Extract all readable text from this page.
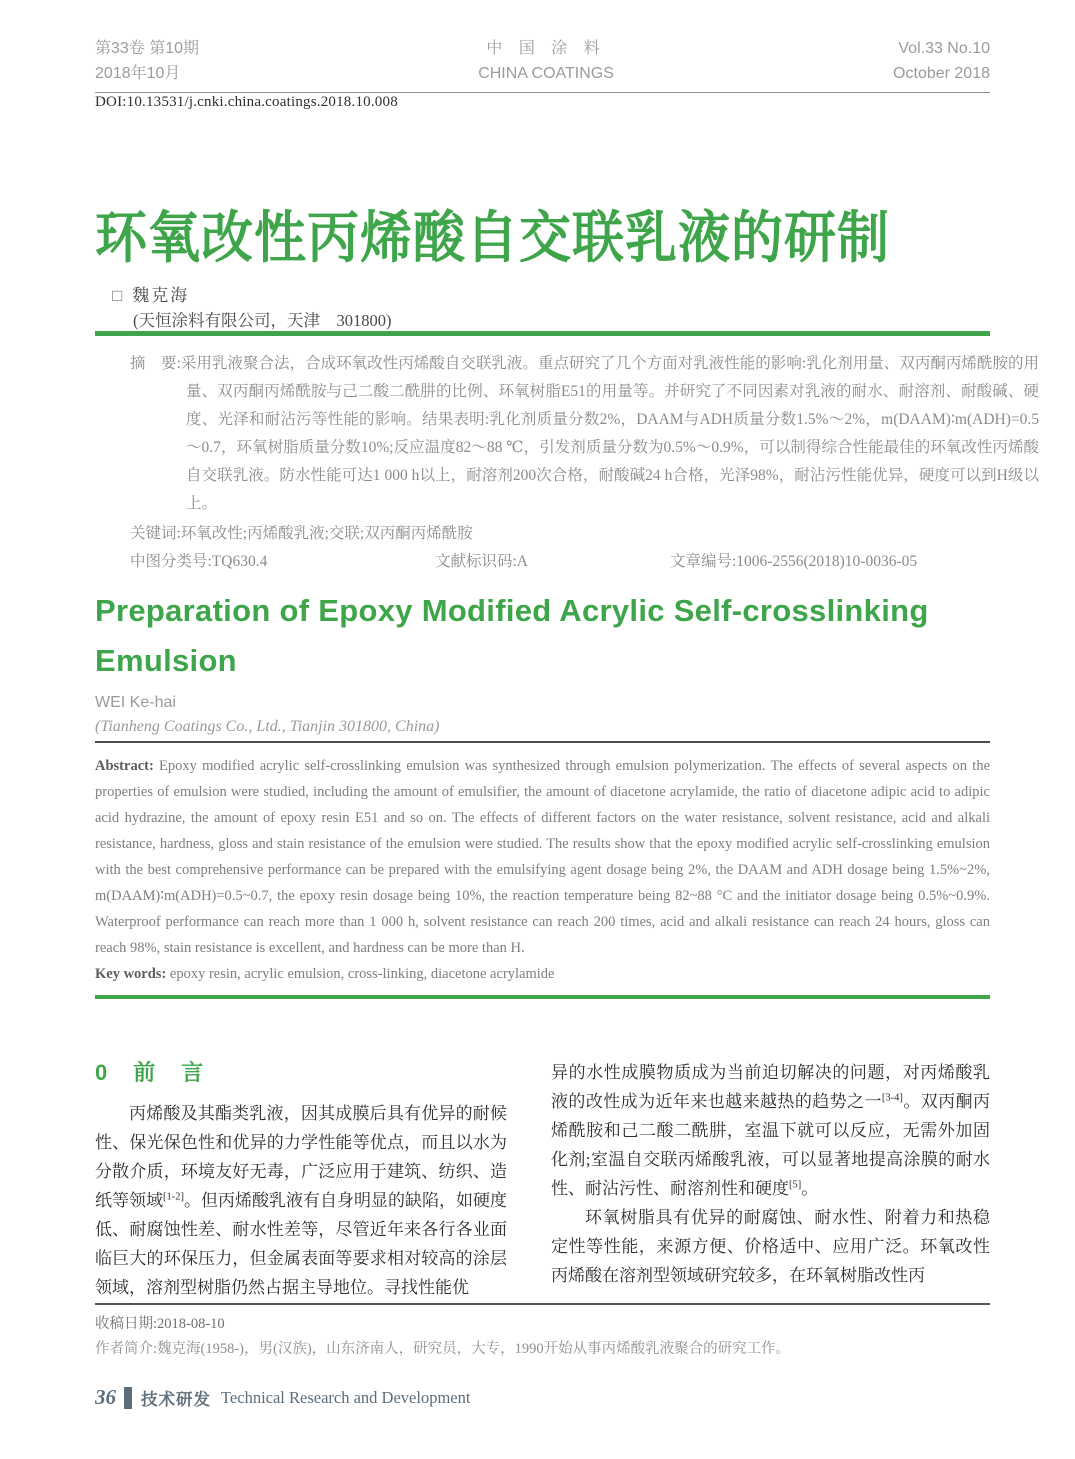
第33卷 第10期
2018年10月
中 国 涂 料
CHINA COATINGS
Vol.33 No.10
October 2018
DOI:10.13531/j.cnki.china.coatings.2018.10.008
环氧改性丙烯酸自交联乳液的研制
□ 魏克海
(天恒涂料有限公司，天津　301800)
摘　要:采用乳液聚合法，合成环氧改性丙烯酸自交联乳液。重点研究了几个方面对乳液性能的影响:乳化剂用量、双丙酮丙烯酰胺的用量、双丙酮丙烯酰胺与己二酸二酰肼的比例、环氧树脂E51的用量等。并研究了不同因素对乳液的耐水、耐溶剂、耐酸碱、硬度、光泽和耐沾污等性能的影响。结果表明:乳化剂质量分数2%，DAAM与ADH质量分数1.5%～2%，m(DAAM)∶m(ADH)=0.5～0.7，环氧树脂质量分数10%;反应温度82～88 ℃，引发剂质量分数为0.5%～0.9%，可以制得综合性能最佳的环氧改性丙烯酸自交联乳液。防水性能可达1 000 h以上，耐溶剂200次合格，耐酸碱24 h合格，光泽98%，耐沾污性能优异，硬度可以到H级以上。
关键词:环氧改性;丙烯酸乳液;交联;双丙酮丙烯酰胺
中图分类号:TQ630.4	文献标识码:A	文章编号:1006-2556(2018)10-0036-05
Preparation of Epoxy Modified Acrylic Self-crosslinking
Emulsion
WEI Ke-hai
(Tianheng Coatings Co., Ltd., Tianjin 301800, China)

Abstract: Epoxy modified acrylic self-crosslinking emulsion was synthesized through emulsion polymerization. The effects of several aspects on the properties of emulsion were studied, including the amount of emulsifier, the amount of diacetone acrylamide, the ratio of diacetone adipic acid to adipic acid hydrazine, the amount of epoxy resin E51 and so on. The effects of different factors on the water resistance, solvent resistance, acid and alkali resistance, hardness, gloss and stain resistance of the emulsion were studied. The results show that the epoxy modified acrylic self-crosslinking emulsion with the best comprehensive performance can be prepared with the emulsifying agent dosage being 2%, the DAAM and ADH dosage being 1.5%~2%, m(DAAM)∶m(ADH)=0.5~0.7, the epoxy resin dosage being 10%, the reaction temperature being 82~88 °C and the initiator dosage being 0.5%~0.9%. Waterproof performance can reach more than 1 000 h, solvent resistance can reach 200 times, acid and alkali resistance can reach 24 hours, gloss can reach 98%, stain resistance is excellent, and hardness can be more than H.

Key words: epoxy resin, acrylic emulsion, cross-linking, diacetone acrylamide

0　前　言

丙烯酸及其酯类乳液，因其成膜后具有优异的耐候性、保光保色性和优异的力学性能等优点，而且以水为分散介质，环境友好无毒，广泛应用于建筑、纺织、造纸等领域[1-2]。但丙烯酸乳液有自身明显的缺陷，如硬度低、耐腐蚀性差、耐水性差等，尽管近年来各行各业面临巨大的环保压力，但金属表面等要求相对较高的涂层领域，溶剂型树脂仍然占据主导地位。寻找性能优

异的水性成膜物质成为当前迫切解决的问题，对丙烯酸乳液的改性成为近年来也越来越热的趋势之一[3-4]。双丙酮丙烯酰胺和己二酸二酰肼，室温下就可以反应，无需外加固化剂;室温自交联丙烯酸乳液，可以显著地提高涂膜的耐水性、耐沾污性、耐溶剂性和硬度[5]。

环氧树脂具有优异的耐腐蚀、耐水性、附着力和热稳定性等性能，来源方便、价格适中、应用广泛。环氧改性丙烯酸在溶剂型领域研究较多，在环氧树脂改性丙

收稿日期:2018-08-10
作者简介:魏克海(1958-)，男(汉族)，山东济南人，研究员，大专，1990开始从事丙烯酸乳液聚合的研究工作。
36 技术研发 Technical Research and Development
